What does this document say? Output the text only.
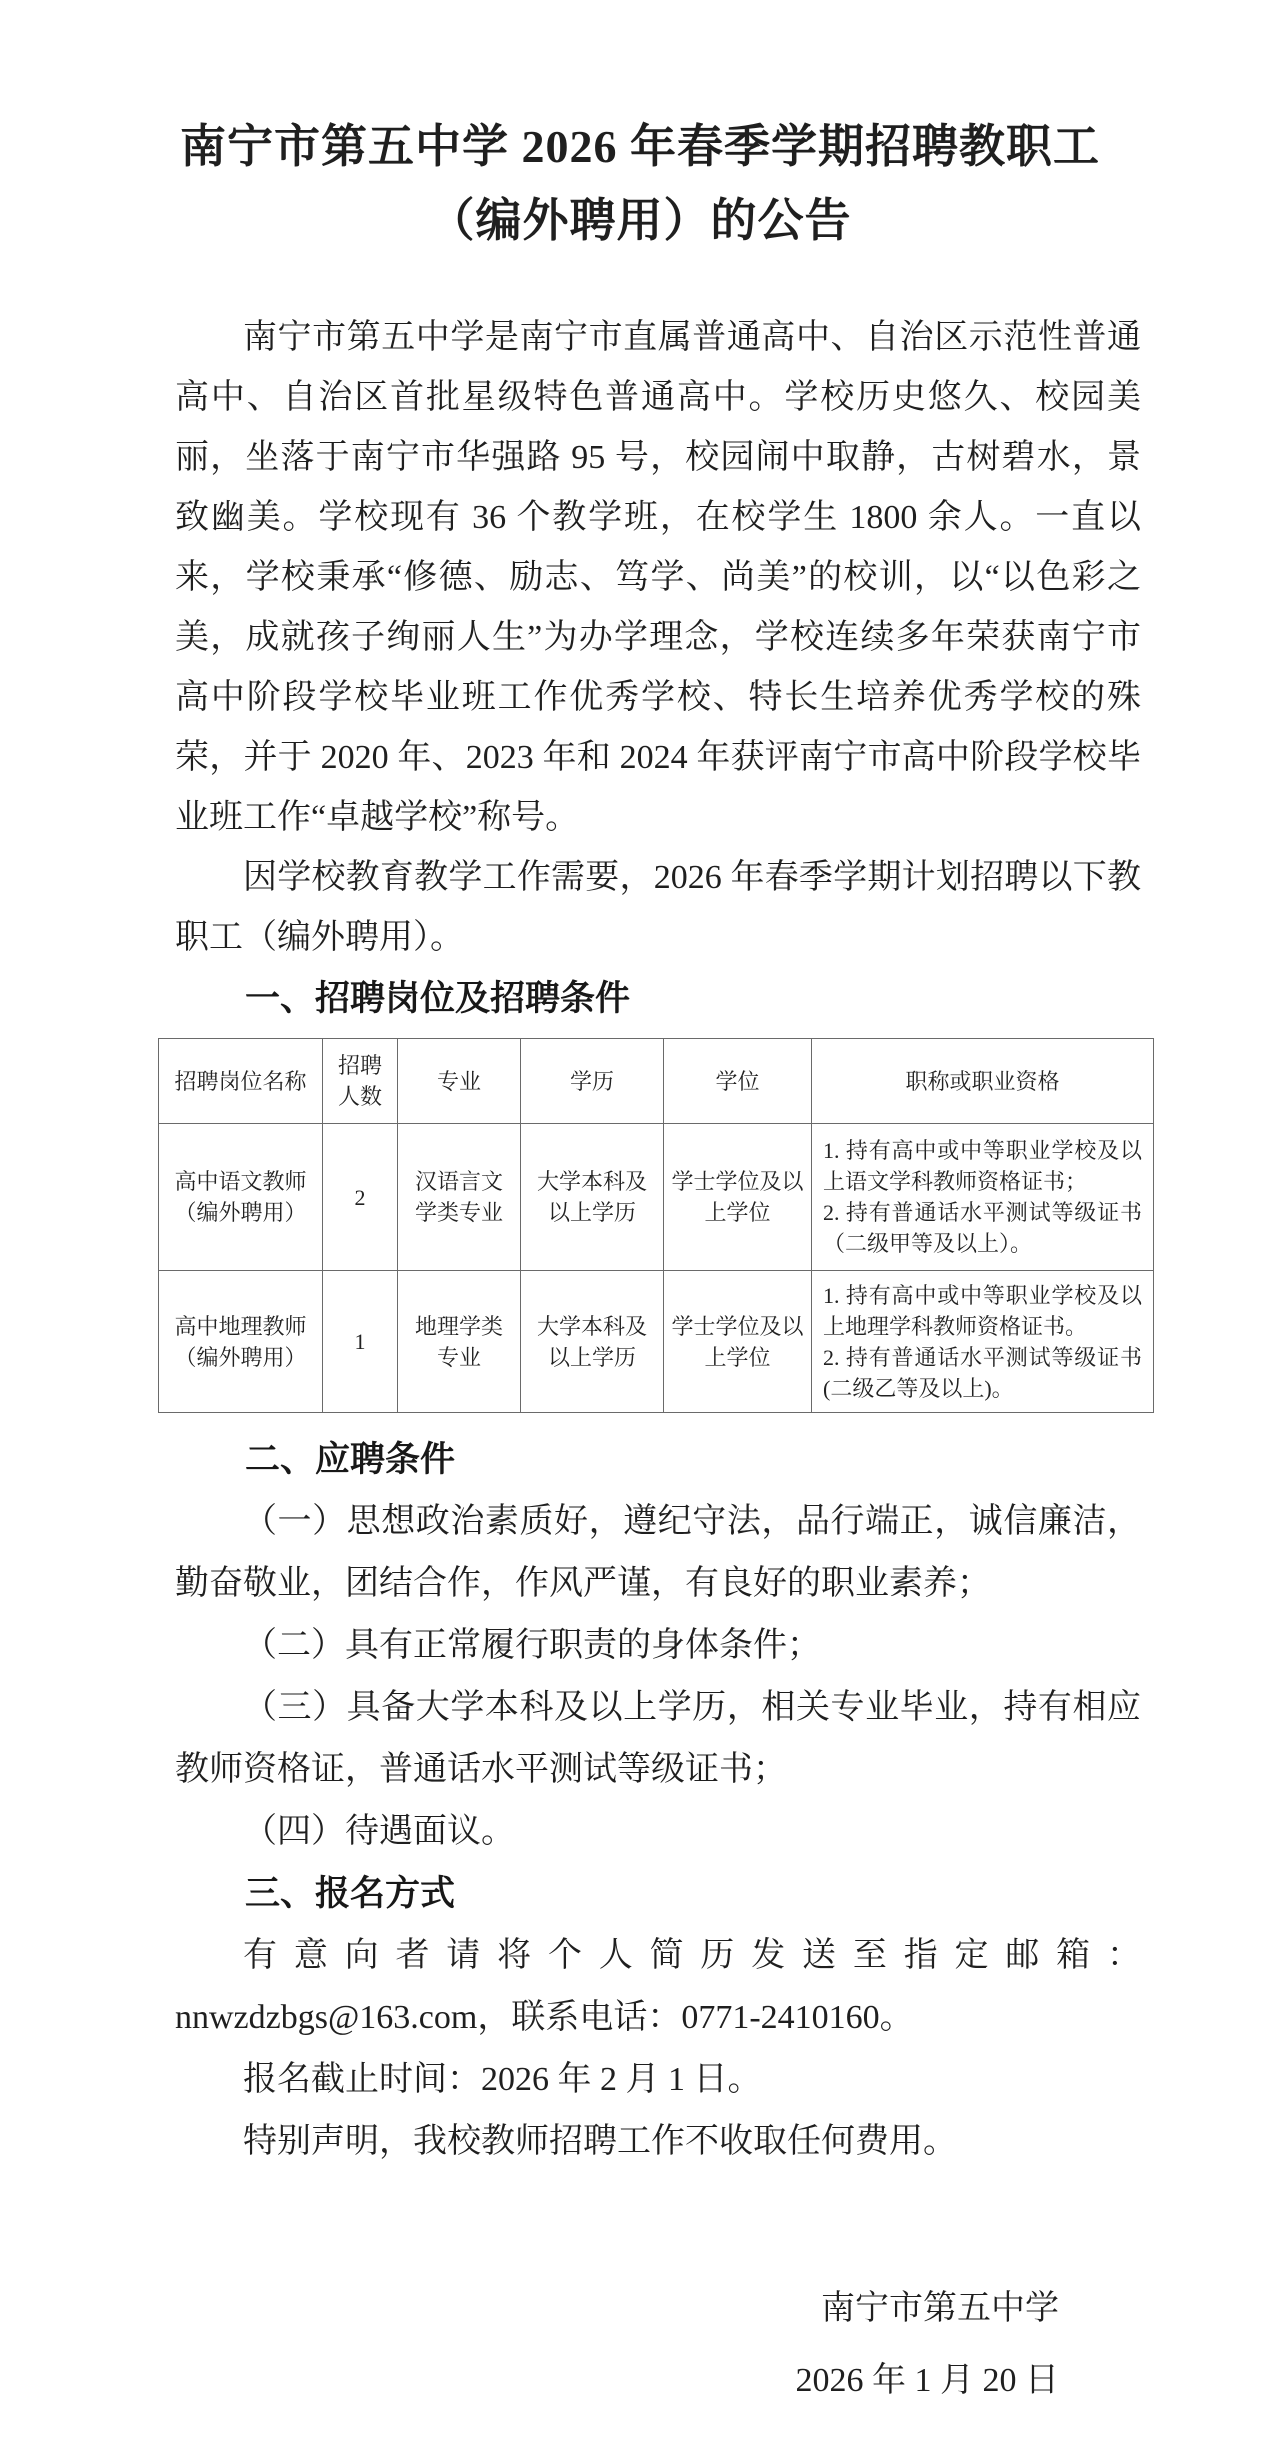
南宁市第五中学 2026 年春季学期招聘教职工
（编外聘用）的公告

南宁市第五中学是南宁市直属普通高中、自治区示范性普通高中、自治区首批星级特色普通高中。学校历史悠久、校园美丽，坐落于南宁市华强路 95 号，校园闹中取静，古树碧水，景致幽美。学校现有 36 个教学班，在校学生 1800 余人。一直以来，学校秉承“修德、励志、笃学、尚美”的校训，以“以色彩之美，成就孩子绚丽人生”为办学理念，学校连续多年荣获南宁市高中阶段学校毕业班工作优秀学校、特长生培养优秀学校的殊荣，并于 2020 年、2023 年和 2024 年获评南宁市高中阶段学校毕业班工作“卓越学校”称号。

因学校教育教学工作需要，2026 年春季学期计划招聘以下教职工（编外聘用）。

一、招聘岗位及招聘条件
招聘岗位名称	招聘人数	专业	学历	学位	职称或职业资格
高中语文教师（编外聘用）	2	汉语言文学类专业	大学本科及以上学历	学士学位及以上学位	1. 持有高中或中等职业学校及以上语文学科教师资格证书；
2. 持有普通话水平测试等级证书（二级甲等及以上）。

高中地理教师（编外聘用）	1	地理学类专业	大学本科及以上学历	学士学位及以上学位	1. 持有高中或中等职业学校及以上地理学科教师资格证书。
2. 持有普通话水平测试等级证书(二级乙等及以上)。
二、应聘条件

（一）思想政治素质好，遵纪守法，品行端正，诚信廉洁，勤奋敬业，团结合作，作风严谨，有良好的职业素养；

（二）具有正常履行职责的身体条件；

（三）具备大学本科及以上学历，相关专业毕业，持有相应教师资格证，普通话水平测试等级证书；

（四）待遇面议。

三、报名方式

有意向者请将个人简历发送至指定邮箱：

nnwzdzbgs@163.com，联系电话：0771-2410160。

报名截止时间：2026 年 2 月 1 日。

特别声明，我校教师招聘工作不收取任何费用。

南宁市第五中学

2026 年 1 月 20 日
